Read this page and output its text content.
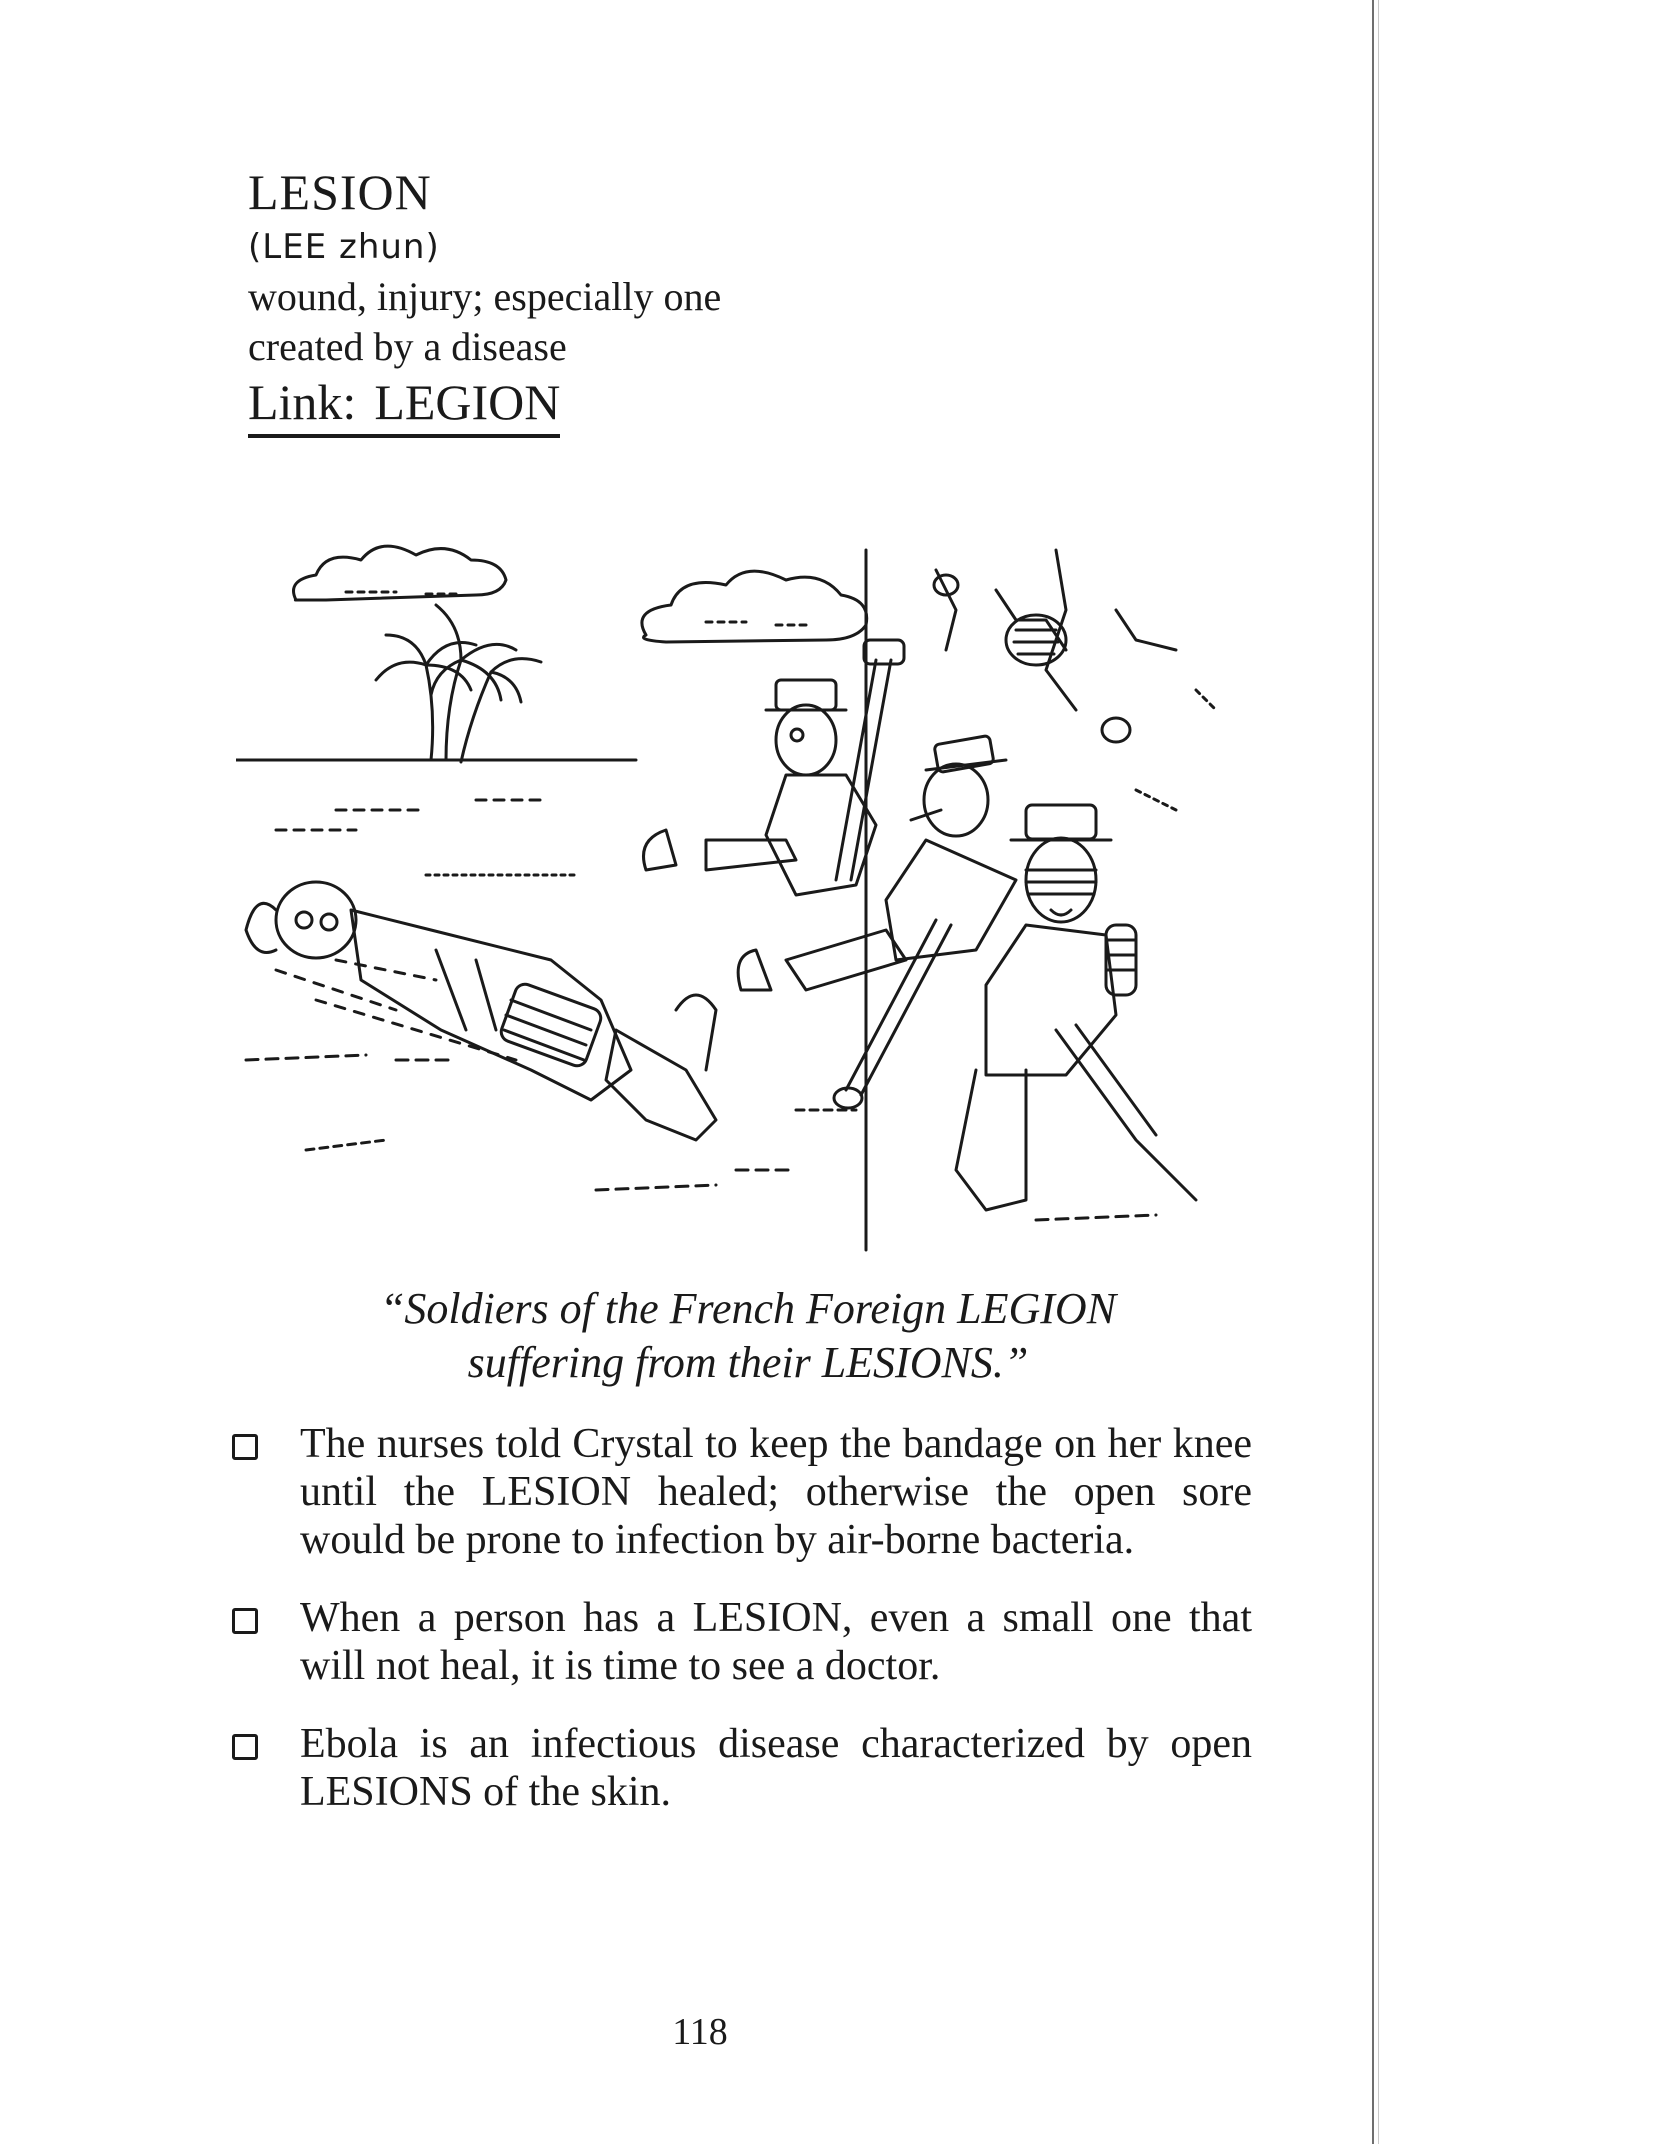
LESION
(LEE zhun)
wound, injury; especially one
created by a disease
Link: LEGION
“Soldiers of the French Foreign LEGION
suffering from their LESIONS.”
The nurses told Crystal to keep the bandage on her knee until the LESION healed; otherwise the open sore would be prone to infection by air-borne bacteria.
When a person has a LESION, even a small one that will not heal, it is time to see a doctor.
Ebola is an infectious disease characterized by open LESIONS of the skin.
118
